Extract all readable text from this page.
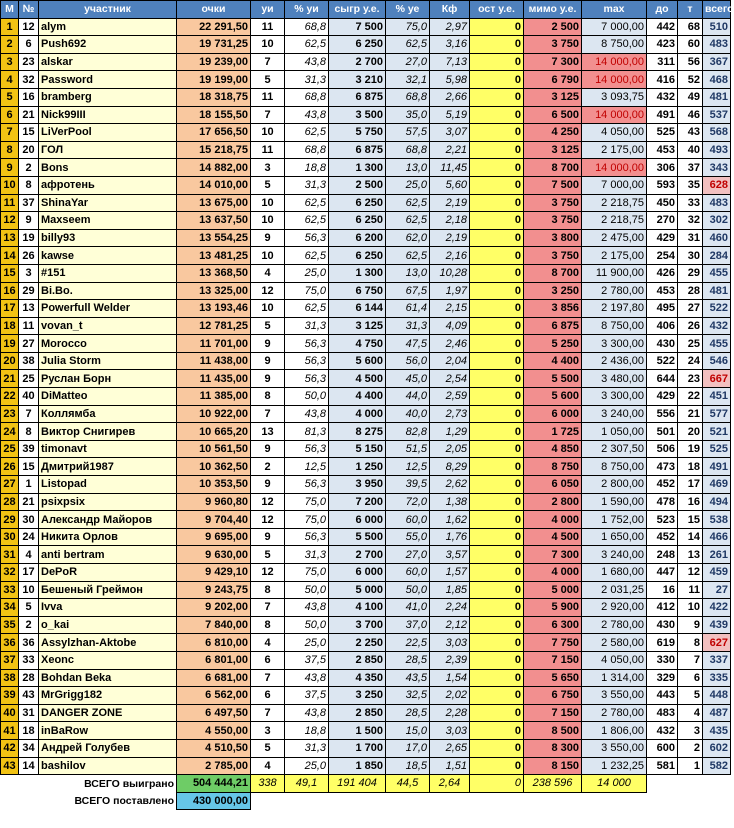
М	№	участник	очки	уи	% уи	сыгр у.е.	% уе	Кф	ост у.е.	мимо у.е.	max	до	т	всего
1	12	alym	22 291,50	11	68,8	7 500	75,0	2,97	0	2 500	7 000,00	442	68	510
2	6	Push692	19 731,25	10	62,5	6 250	62,5	3,16	0	3 750	8 750,00	423	60	483
3	23	alskar	19 239,00	7	43,8	2 700	27,0	7,13	0	7 300	14 000,00	311	56	367
4	32	Password	19 199,00	5	31,3	3 210	32,1	5,98	0	6 790	14 000,00	416	52	468
5	16	bramberg	18 318,75	11	68,8	6 875	68,8	2,66	0	3 125	3 093,75	432	49	481
6	21	Nick99III	18 155,50	7	43,8	3 500	35,0	5,19	0	6 500	14 000,00	491	46	537
7	15	LiVerPool	17 656,50	10	62,5	5 750	57,5	3,07	0	4 250	4 050,00	525	43	568
8	20	ГОЛ	15 218,75	11	68,8	6 875	68,8	2,21	0	3 125	2 175,00	453	40	493
9	2	Bons	14 882,00	3	18,8	1 300	13,0	11,45	0	8 700	14 000,00	306	37	343
10	8	афротень	14 010,00	5	31,3	2 500	25,0	5,60	0	7 500	7 000,00	593	35	628
11	37	ShinaYar	13 675,00	10	62,5	6 250	62,5	2,19	0	3 750	2 218,75	450	33	483
12	9	Maxseem	13 637,50	10	62,5	6 250	62,5	2,18	0	3 750	2 218,75	270	32	302
13	19	billy93	13 554,25	9	56,3	6 200	62,0	2,19	0	3 800	2 475,00	429	31	460
14	26	kawse	13 481,25	10	62,5	6 250	62,5	2,16	0	3 750	2 175,00	254	30	284
15	3	#151	13 368,50	4	25,0	1 300	13,0	10,28	0	8 700	11 900,00	426	29	455
16	29	Bi.Bo.	13 325,00	12	75,0	6 750	67,5	1,97	0	3 250	2 780,00	453	28	481
17	13	Powerfull Welder	13 193,46	10	62,5	6 144	61,4	2,15	0	3 856	2 197,80	495	27	522
18	11	vovan_t	12 781,25	5	31,3	3 125	31,3	4,09	0	6 875	8 750,00	406	26	432
19	27	Morocco	11 701,00	9	56,3	4 750	47,5	2,46	0	5 250	3 300,00	430	25	455
20	38	Julia Storm	11 438,00	9	56,3	5 600	56,0	2,04	0	4 400	2 436,00	522	24	546
21	25	Руслан Борн	11 435,00	9	56,3	4 500	45,0	2,54	0	5 500	3 480,00	644	23	667
22	40	DiMatteo	11 385,00	8	50,0	4 400	44,0	2,59	0	5 600	3 300,00	429	22	451
23	7	Коллямба	10 922,00	7	43,8	4 000	40,0	2,73	0	6 000	3 240,00	556	21	577
24	8	Виктор Снигирев	10 665,20	13	81,3	8 275	82,8	1,29	0	1 725	1 050,00	501	20	521
25	39	timonavt	10 561,50	9	56,3	5 150	51,5	2,05	0	4 850	2 307,50	506	19	525
26	15	Дмитрий1987	10 362,50	2	12,5	1 250	12,5	8,29	0	8 750	8 750,00	473	18	491
27	1	Listopad	10 353,50	9	56,3	3 950	39,5	2,62	0	6 050	2 800,00	452	17	469
28	21	psixpsix	9 960,80	12	75,0	7 200	72,0	1,38	0	2 800	1 590,00	478	16	494
29	30	Александр Майоров	9 704,40	12	75,0	6 000	60,0	1,62	0	4 000	1 752,00	523	15	538
30	24	Никита Орлов	9 695,00	9	56,3	5 500	55,0	1,76	0	4 500	1 650,00	452	14	466
31	4	anti bertram	9 630,00	5	31,3	2 700	27,0	3,57	0	7 300	3 240,00	248	13	261
32	17	DePoR	9 429,10	12	75,0	6 000	60,0	1,57	0	4 000	1 680,00	447	12	459
33	10	Бешеный Греймон	9 243,75	8	50,0	5 000	50,0	1,85	0	5 000	2 031,25	16	11	27
34	5	Ivva	9 202,00	7	43,8	4 100	41,0	2,24	0	5 900	2 920,00	412	10	422
35	2	o_kai	7 840,00	8	50,0	3 700	37,0	2,12	0	6 300	2 780,00	430	9	439
36	36	Assylzhan-Aktobe	6 810,00	4	25,0	2 250	22,5	3,03	0	7 750	2 580,00	619	8	627
37	33	Xeonc	6 801,00	6	37,5	2 850	28,5	2,39	0	7 150	4 050,00	330	7	337
38	28	Bohdan Beka	6 681,00	7	43,8	4 350	43,5	1,54	0	5 650	1 314,00	329	6	335
39	43	MrGrigg182	6 562,00	6	37,5	3 250	32,5	2,02	0	6 750	3 550,00	443	5	448
40	31	DANGER ZONE	6 497,50	7	43,8	2 850	28,5	2,28	0	7 150	2 780,00	483	4	487
41	18	inBaRow	4 550,00	3	18,8	1 500	15,0	3,03	0	8 500	1 806,00	432	3	435
42	34	Андрей Голубев	4 510,50	5	31,3	1 700	17,0	2,65	0	8 300	3 550,00	600	2	602
43	14	bashilov	2 785,00	4	25,0	1 850	18,5	1,51	0	8 150	1 232,25	581	1	582
ВСЕГО выиграно			504 444,21	338	49,1	191 404	44,5	2,64	0	238 596	14 000			
ВСЕГО поставлено			430 000,00											
